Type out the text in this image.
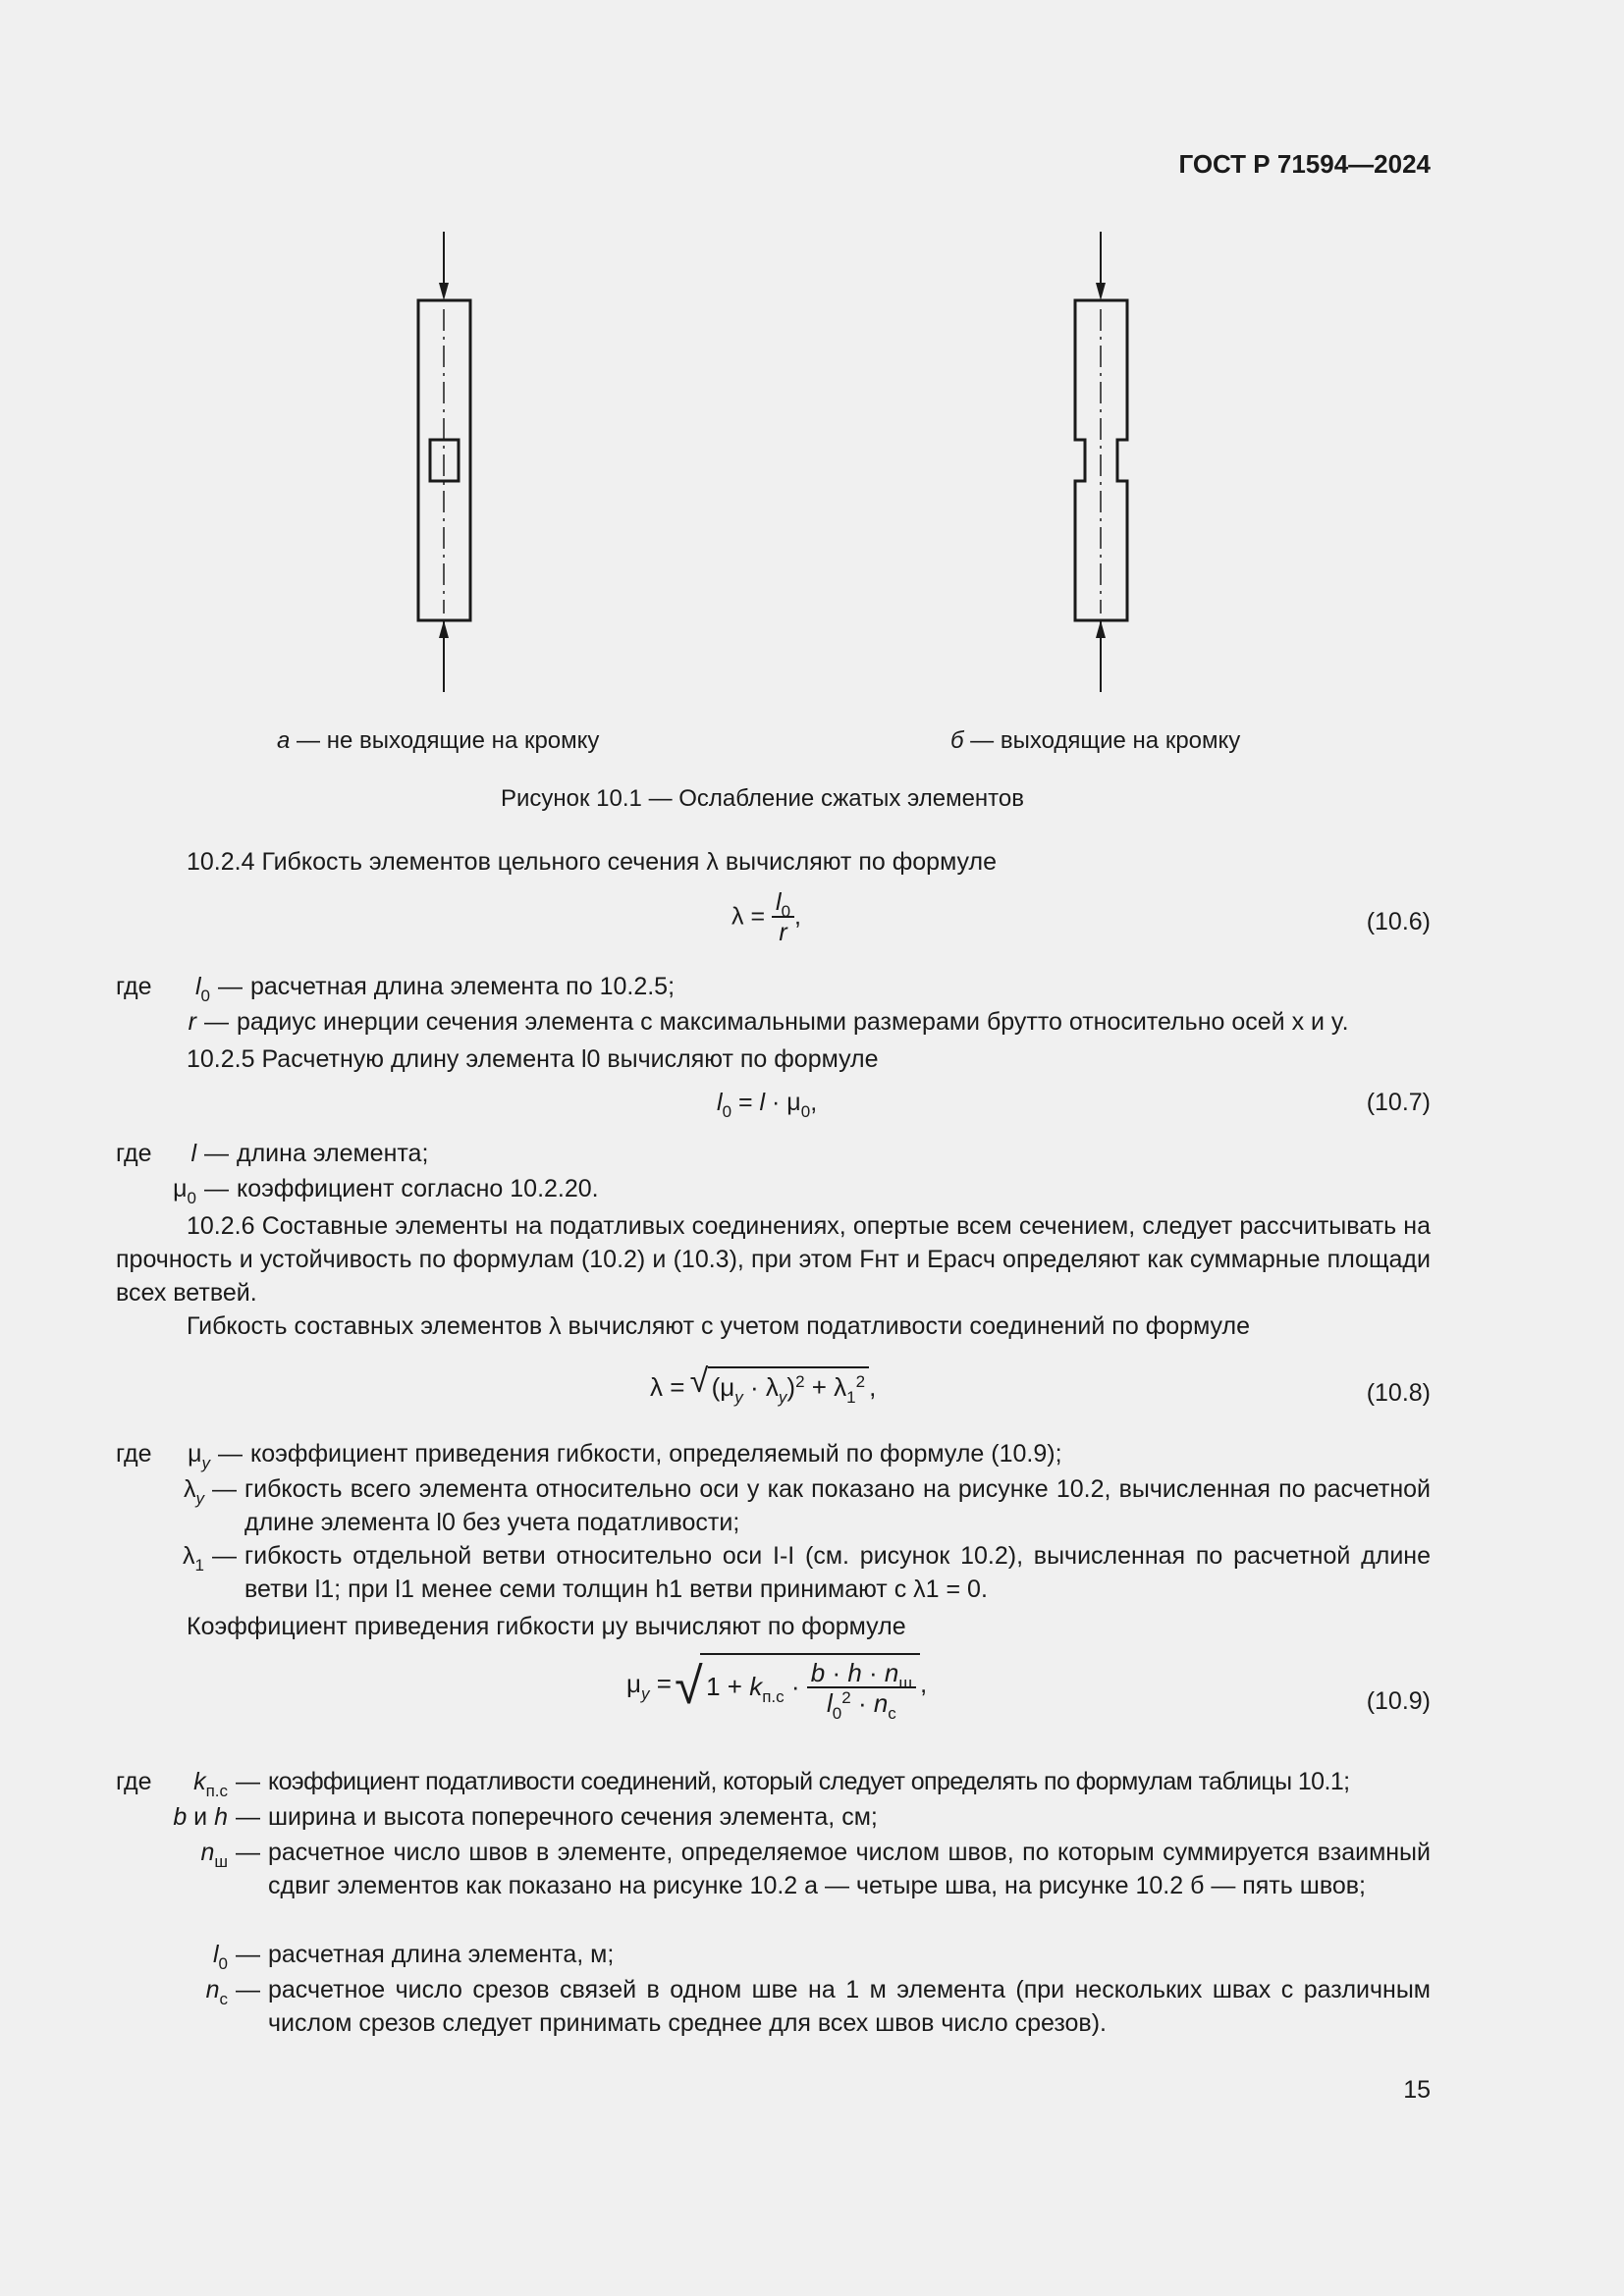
ГОСТ Р 71594—2024
а — не выходящие на кромку	б — выходящие на кромку
Рисунок 10.1 — Ослабление сжатых элементов
10.2.4 Гибкость элементов цельного сечения λ вычисляют по формуле
$\lambda = \frac{l_0}{r}$ ,	(10.6)
где	$l_0$ — расчетная длина элемента по 10.2.5;
r — радиус инерции сечения элемента с максимальными размерами брутто относительно осей x и y.
10.2.5 Расчетную длину элемента l0 вычисляют по формуле
$l_0 = l \cdot \mu_0$,	(10.7)
где	l — длина элемента;
$\mu_0$ — коэффициент согласно 10.2.20.
10.2.6 Составные элементы на податливых соединениях, опертые всем сечением, следует рассчитывать на прочность и устойчивость по формулам (10.2) и (10.3), при этом Fнт и Eрасч определяют как суммарные площади всех ветвей.
Гибкость составных элементов λ вычисляют с учетом податливости соединений по формуле
λ =
√ $(\mu_y \cdot \lambda_y)^2 + \lambda_1^2$ ,	(10.8)
где	$\mu_y$ — коэффициент приведения гибкости, определяемый по формуле (10.9);
$\lambda_y$ — гибкость всего элемента относительно оси y как показано на рисунке 10.2, вычисленная по расчетной длине элемента l0 без учета податливости;
$\lambda_1$ — гибкость отдельной ветви относительно оси I-I (см. рисунок 10.2), вычисленная по расчетной длине ветви l1; при l1 менее семи толщин h1 ветви принимают с λ1 = 0.
Коэффициент приведения гибкости μy вычисляют по формуле
$\mu_y$ =
√ $1 + k_{п.с} \cdot \frac{b \cdot h \cdot n_ш}{l_0^2 \cdot n_с}$ ,
(10.9)
где	$k_{п.с}$ — коэффициент податливости соединений, который следует определять по формулам таблицы 10.1;
b и h — ширина и высота поперечного сечения элемента, см;
$n_ш$ — расчетное число швов в элементе, определяемое числом швов, по которым суммируется взаимный сдвиг элементов как показано на рисунке 10.2 а — четыре шва, на рисунке 10.2 б — пять швов;
$l_0$ — расчетная длина элемента, м;
$n_с$ — расчетное число срезов связей в одном шве на 1 м элемента (при нескольких швах с различным числом срезов следует принимать среднее для всех швов число срезов).
15
